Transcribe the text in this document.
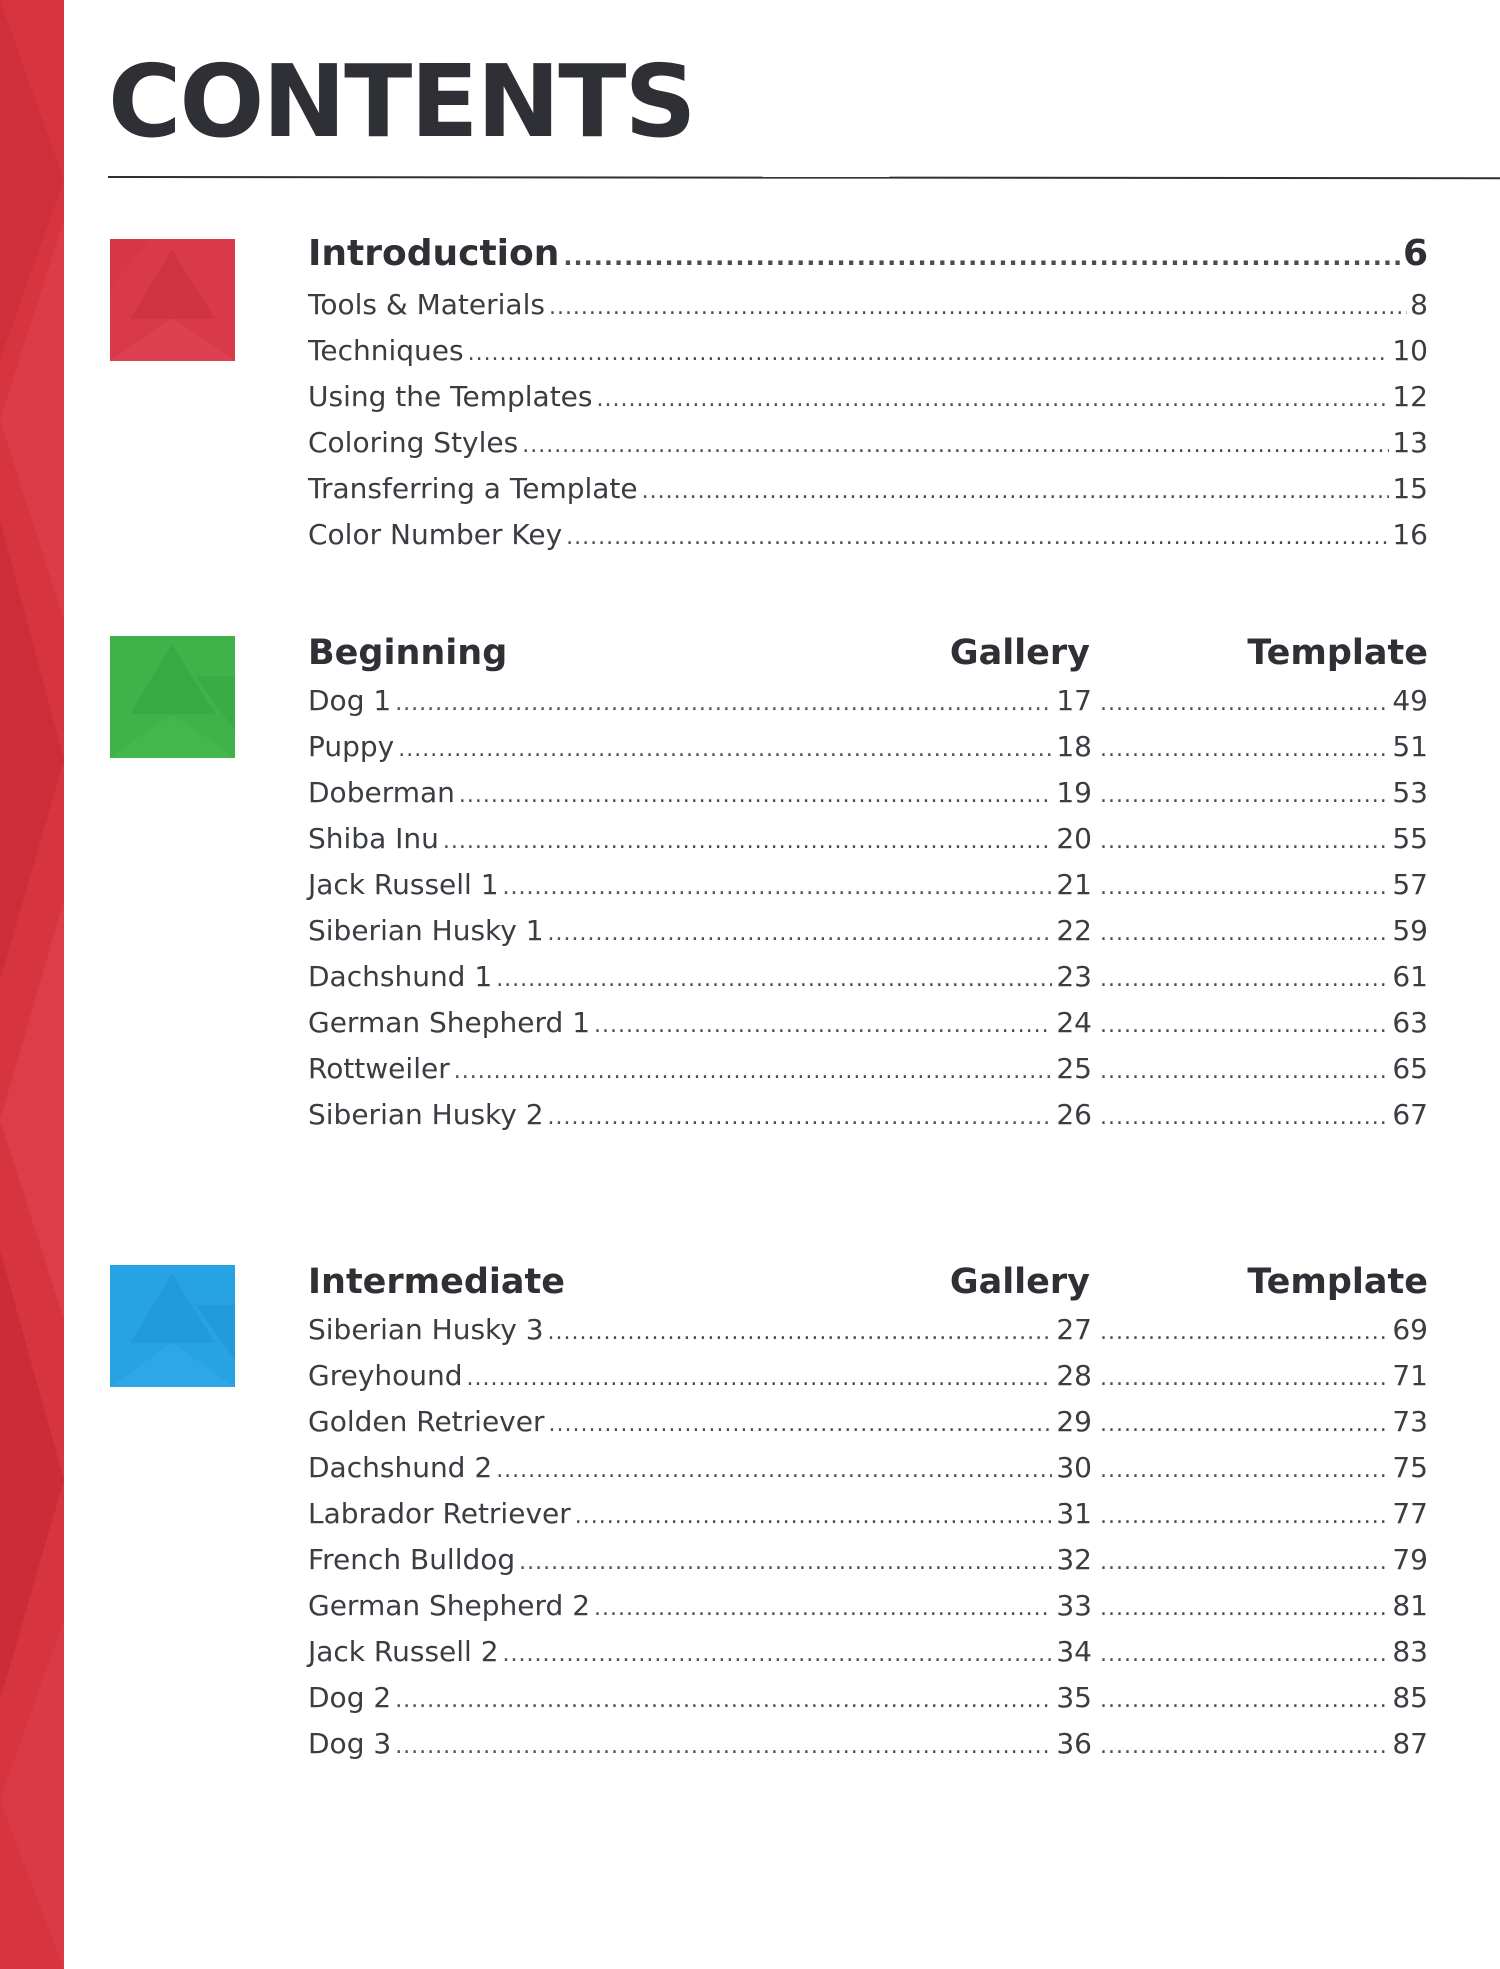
CONTENTS
Introduction .....	6
Tools & Materials .....	8
Techniques .....	10
Using the Templates .....	12
Coloring Styles .....	13
Transferring a Template .....	15
Color Number Key .....	16
Beginning	Gallery	Template
Dog 1 .....	17 .....	49
Puppy .....	18 .....	51
Doberman .....	19 .....	53
Shiba Inu .....	20 .....	55
Jack Russell 1 .....	21 .....	57
Siberian Husky 1 .....	22 .....	59
Dachshund 1 .....	23 .....	61
German Shepherd 1 .....	24 .....	63
Rottweiler .....	25 .....	65
Siberian Husky 2 .....	26 .....	67
Intermediate	Gallery	Template
Siberian Husky 3 .....	27 .....	69
Greyhound .....	28 .....	71
Golden Retriever .....	29 .....	73
Dachshund 2 .....	30 .....	75
Labrador Retriever .....	31 .....	77
French Bulldog .....	32 .....	79
German Shepherd 2 .....	33 .....	81
Jack Russell 2 .....	34 .....	83
Dog 2 .....	35 .....	85
Dog 3 .....	36 .....	87
